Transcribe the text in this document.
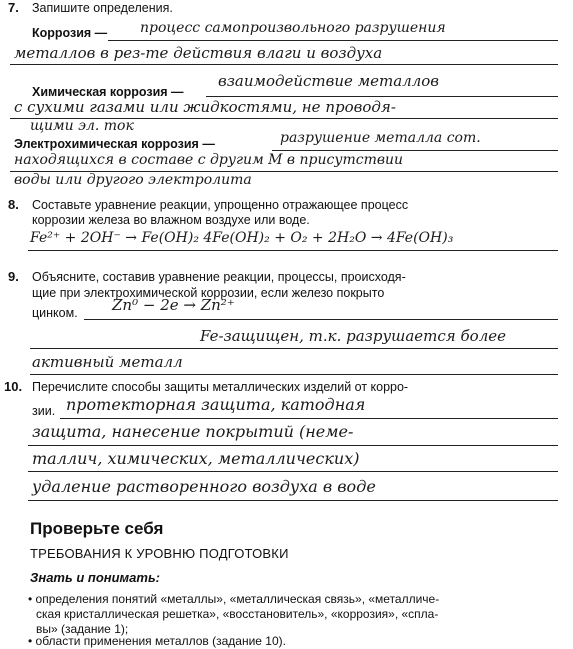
7. Запишите определения.
Коррозия — процесс самопроизвольного разрушения
металлов в рез-те действия влаги и воздуха
Химическая коррозия —
взаимодействие металлов
с сухими газами или жидкостями, не проводя-
щими эл. ток
Электрохимическая коррозия —	разрушение металла сот.
находящихся в составе с другим М в присутствии
воды или другого электролита
8. Составьте уравнение реакции, упрощенно отражающее процесс
коррозии железа во влажном воздухе или воде.
Fe²⁺ + 2OH⁻ → Fe(OH)₂ 4Fe(OH)₂ + O₂ + 2H₂O → 4Fe(OH)₃
9. Объясните, составив уравнение реакции, процессы, происходя-
щие при электрохимической коррозии, если железо покрыто
цинком. Zn⁰ − 2e → Zn²⁺
Fe-защищен, т.к. разрушается более
активный металл
10. Перечислите способы защиты металлических изделий от корро-
зии. протекторная защита, катодная
защита, нанесение покрытий (неме-
таллич, химических, металлических)
удаление растворенного воздуха в воде
Проверьте себя
ТРЕБОВАНИЯ К УРОВНЮ ПОДГОТОВКИ
Знать и понимать:
• определения понятий «металлы», «металлическая связь», «металличе-
ская кристаллическая решетка», «восстановитель», «коррозия», «спла-
вы» (задание 1);
• области применения металлов (задание 10).
